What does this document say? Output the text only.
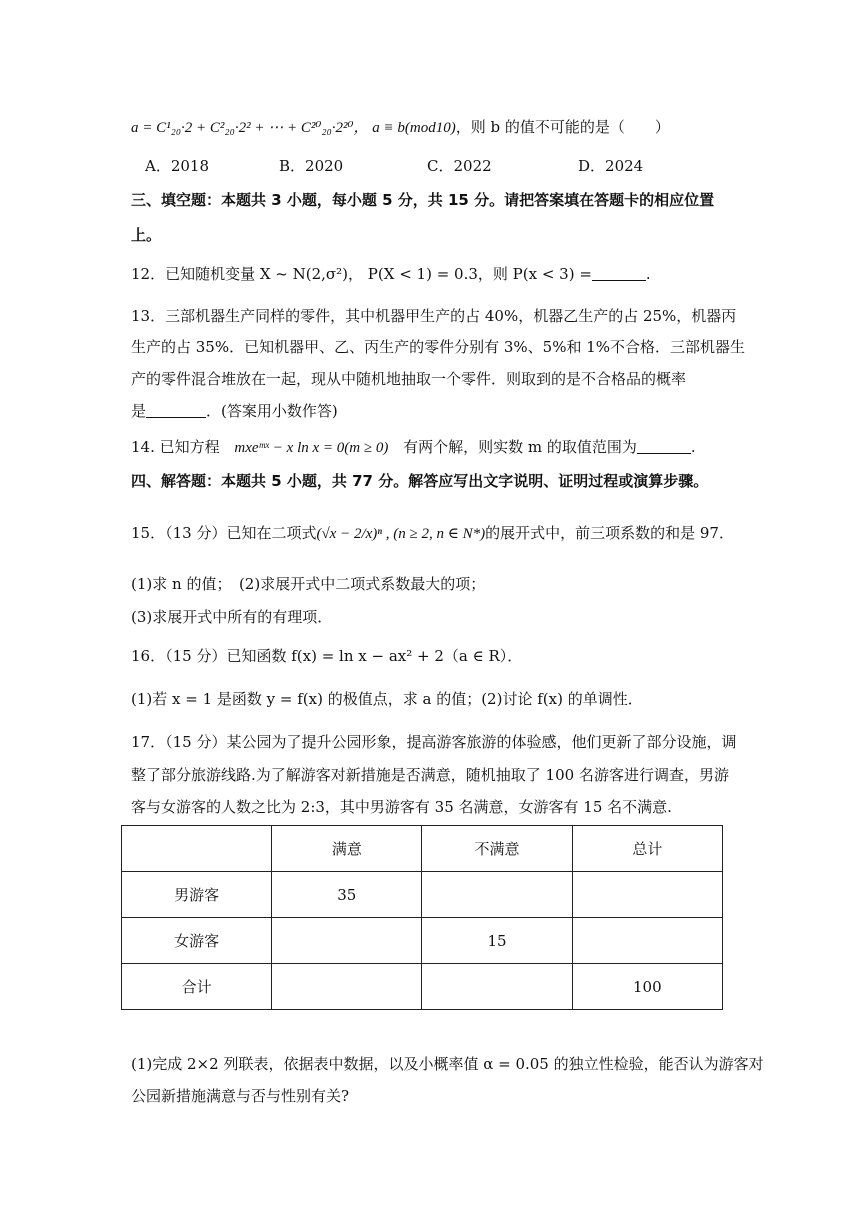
a = C¹₂₀·2 + C²₂₀·2² + ⋯ + C²⁰₂₀·2²⁰， a ≡ b(mod10)，则 b 的值不可能的是（　　）
A．2018	B．2020	C．2022	D．2024
三、填空题：本题共 3 小题，每小题 5 分，共 15 分。请把答案填在答题卡的相应位置
上。
12．已知随机变量 X ~ N(2,σ²)， P(X < 1) = 0.3，则 P(x < 3) =	.
13．三部机器生产同样的零件，其中机器甲生产的占 40%，机器乙生产的占 25%，机器丙
生产的占 35%．已知机器甲、乙、丙生产的零件分别有 3%、5%和 1%不合格．三部机器生
产的零件混合堆放在一起，现从中随机地抽取一个零件．则取到的是不合格品的概率
是	．(答案用小数作答)
14. 已知方程 mxeᵐˣ − x ln x = 0(m ≥ 0) 有两个解，则实数 m 的取值范围为	.
四、解答题：本题共 5 小题，共 77 分。解答应写出文字说明、证明过程或演算步骤。
15．（13 分）已知在二项式(√x − 2/x)ⁿ , (n ≥ 2, n ∈ N*)的展开式中，前三项系数的和是 97．
(1)求 n 的值；　(2)求展开式中二项式系数最大的项；
(3)求展开式中所有的有理项．
16．（15 分）已知函数 f(x) = ln x − ax² + 2（a ∈ R）．
(1)若 x = 1 是函数 y = f(x) 的极值点，求 a 的值；(2)讨论 f(x) 的单调性．
17．（15 分）某公园为了提升公园形象，提高游客旅游的体验感，他们更新了部分设施，调
整了部分旅游线路.为了解游客对新措施是否满意，随机抽取了 100 名游客进行调查，男游
客与女游客的人数之比为 2:3，其中男游客有 35 名满意，女游客有 15 名不满意.
	满意	不满意	总计
男游客	35		
女游客		15	
合计			100
(1)完成 2×2 列联表，依据表中数据，以及小概率值 α = 0.05 的独立性检验，能否认为游客对
公园新措施满意与否与性别有关?
